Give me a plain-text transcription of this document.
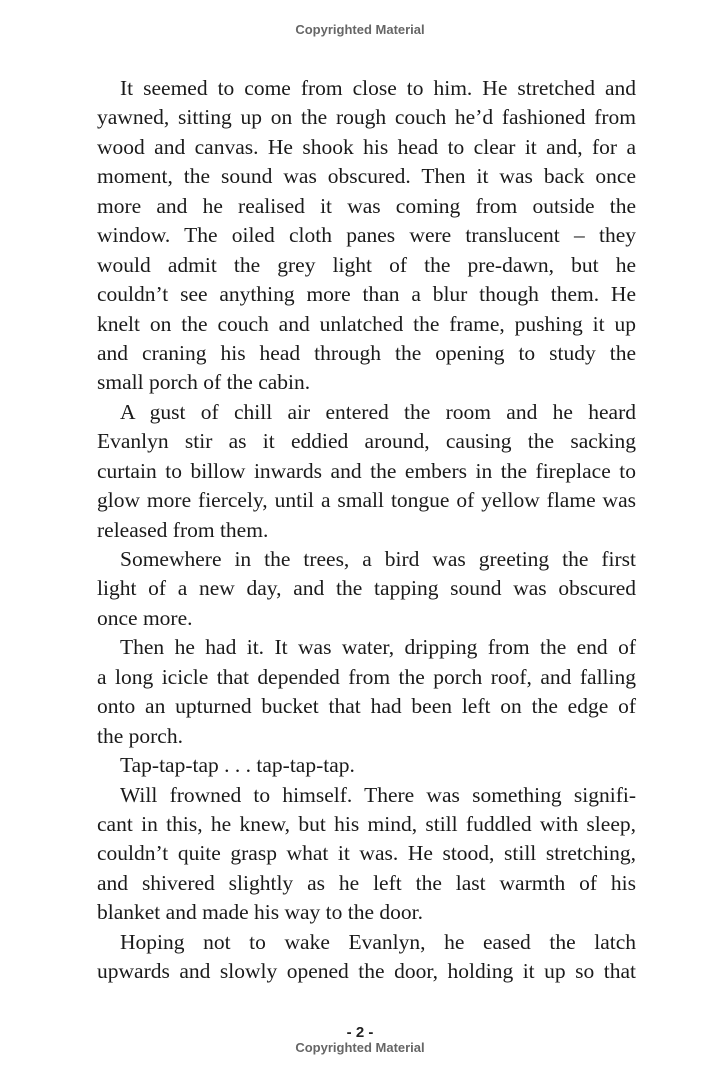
Copyrighted Material
It seemed to come from close to him. He stretched and
yawned, sitting up on the rough couch he’d fashioned from
wood and canvas. He shook his head to clear it and, for a
moment, the sound was obscured. Then it was back once
more and he realised it was coming from outside the
window. The oiled cloth panes were translucent – they
would admit the grey light of the pre-dawn, but he
couldn’t see anything more than a blur though them. He
knelt on the couch and unlatched the frame, pushing it up
and craning his head through the opening to study the
small porch of the cabin.
A gust of chill air entered the room and he heard
Evanlyn stir as it eddied around, causing the sacking
curtain to billow inwards and the embers in the fireplace to
glow more fiercely, until a small tongue of yellow flame was
released from them.
Somewhere in the trees, a bird was greeting the first
light of a new day, and the tapping sound was obscured
once more.
Then he had it. It was water, dripping from the end of
a long icicle that depended from the porch roof, and falling
onto an upturned bucket that had been left on the edge of
the porch.
Tap-tap-tap . . . tap-tap-tap.
Will frowned to himself. There was something signifi-
cant in this, he knew, but his mind, still fuddled with sleep,
couldn’t quite grasp what it was. He stood, still stretching,
and shivered slightly as he left the last warmth of his
blanket and made his way to the door.
Hoping not to wake Evanlyn, he eased the latch
upwards and slowly opened the door, holding it up so that
- 2 -
Copyrighted Material
